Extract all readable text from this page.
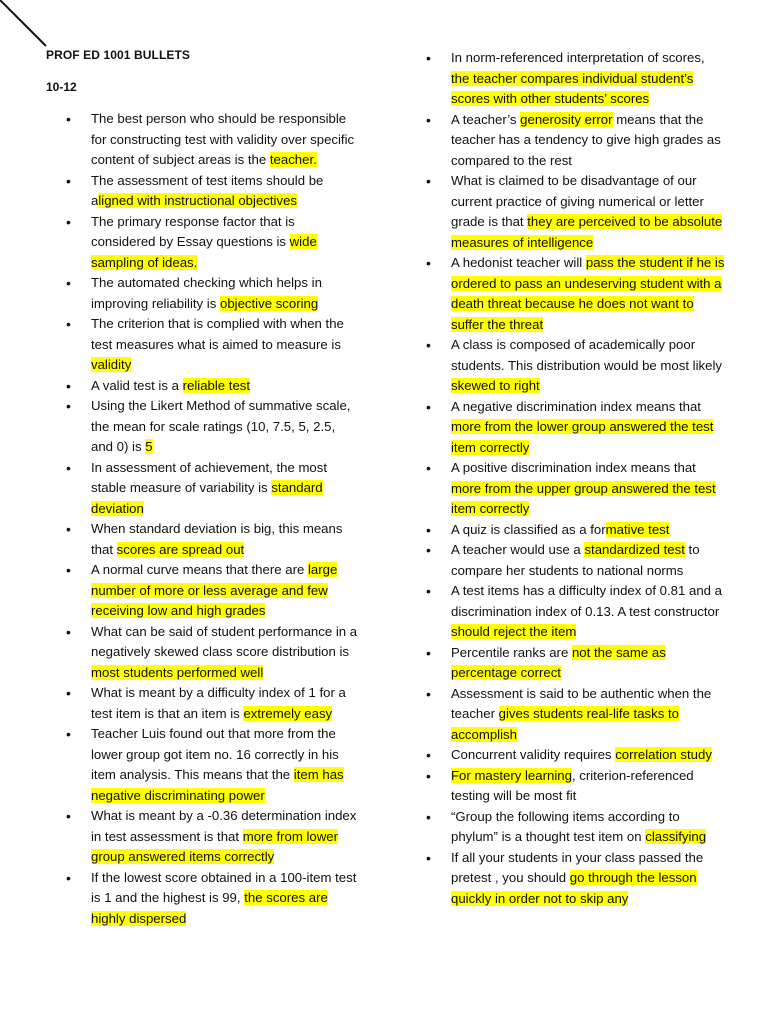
PROF ED 1001 BULLETS
10-12
• The best person who should be responsible for constructing test with validity over specific content of subject areas is the teacher.
• The assessment of test items should be aligned with instructional objectives
• The primary response factor that is considered by Essay questions is wide sampling of ideas.
• The automated checking which helps in improving reliability is objective scoring
• The criterion that is complied with when the test measures what is aimed to measure is validity
• A valid test is a reliable test
• Using the Likert Method of summative scale, the mean for scale ratings (10, 7.5, 5, 2.5, and 0) is 5
• In assessment of achievement, the most stable measure of variability is standard deviation
• When standard deviation is big, this means that scores are spread out
• A normal curve means that there are large number of more or less average and few receiving low and high grades
• What can be said of student performance in a negatively skewed class score distribution is most students performed well
• What is meant by a difficulty index of 1 for a test item is that an item is extremely easy
• Teacher Luis found out that more from the lower group got item no. 16 correctly in his item analysis. This means that the item has negative discriminating power
• What is meant by a -0.36 determination index in test assessment is that more from lower group answered items correctly
• If the lowest score obtained in a 100-item test is 1 and the highest is 99, the scores are highly dispersed
• In norm-referenced interpretation of scores, the teacher compares individual student’s scores with other students’ scores
• A teacher’s generosity error means that the teacher has a tendency to give high grades as compared to the rest
• What is claimed to be disadvantage of our current practice of giving numerical or letter grade is that they are perceived to be absolute measures of intelligence
• A hedonist teacher will pass the student if he is ordered to pass an undeserving student with a death threat because he does not want to suffer the threat
• A class is composed of academically poor students. This distribution would be most likely skewed to right
• A negative discrimination index means that more from the lower group answered the test item correctly
• A positive discrimination index means that more from the upper group answered the test item correctly
• A quiz is classified as a formative test
• A teacher would use a standardized test to compare her students to national norms
• A test items has a difficulty index of 0.81 and a discrimination index of 0.13. A test constructor should reject the item
• Percentile ranks are not the same as percentage correct
• Assessment is said to be authentic when the teacher gives students real-life tasks to accomplish
• Concurrent validity requires correlation study
• For mastery learning, criterion-referenced testing will be most fit
• “Group the following items according to phylum” is a thought test item on classifying
• If all your students in your class passed the pretest , you should go through the lesson quickly in order not to skip any
